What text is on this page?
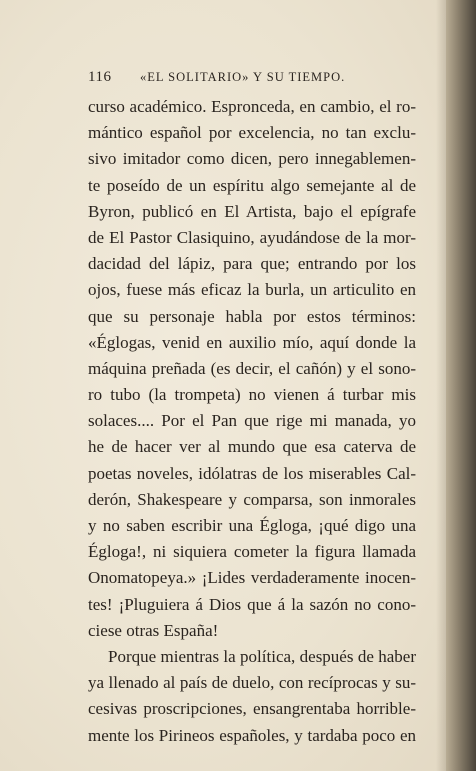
116 «EL SOLITARIO» Y SU TIEMPO.
curso académico. Espronceda, en cambio, el ro-
mántico español por excelencia, no tan exclu-
sivo imitador como dicen, pero innegablemen-
te poseído de un espíritu algo semejante al de
Byron, publicó en El Artista, bajo el epígrafe
de El Pastor Clasiquino, ayudándose de la mor-
dacidad del lápiz, para que; entrando por los
ojos, fuese más eficaz la burla, un articulito en
que su personaje habla por estos términos:
«Églogas, venid en auxilio mío, aquí donde la
máquina preñada (es decir, el cañón) y el sono-
ro tubo (la trompeta) no vienen á turbar mis
solaces.... Por el Pan que rige mi manada, yo
he de hacer ver al mundo que esa caterva de
poetas noveles, idólatras de los miserables Cal-
derón, Shakespeare y comparsa, son inmorales
y no saben escribir una Égloga, ¡qué digo una
Égloga!, ni siquiera cometer la figura llamada
Onomatopeya.» ¡Lides verdaderamente inocen-
tes! ¡Pluguiera á Dios que á la sazón no cono-
ciese otras España!
Porque mientras la política, después de haber
ya llenado al país de duelo, con recíprocas y su-
cesivas proscripciones, ensangrentaba horrible-
mente los Pirineos españoles, y tardaba poco en
